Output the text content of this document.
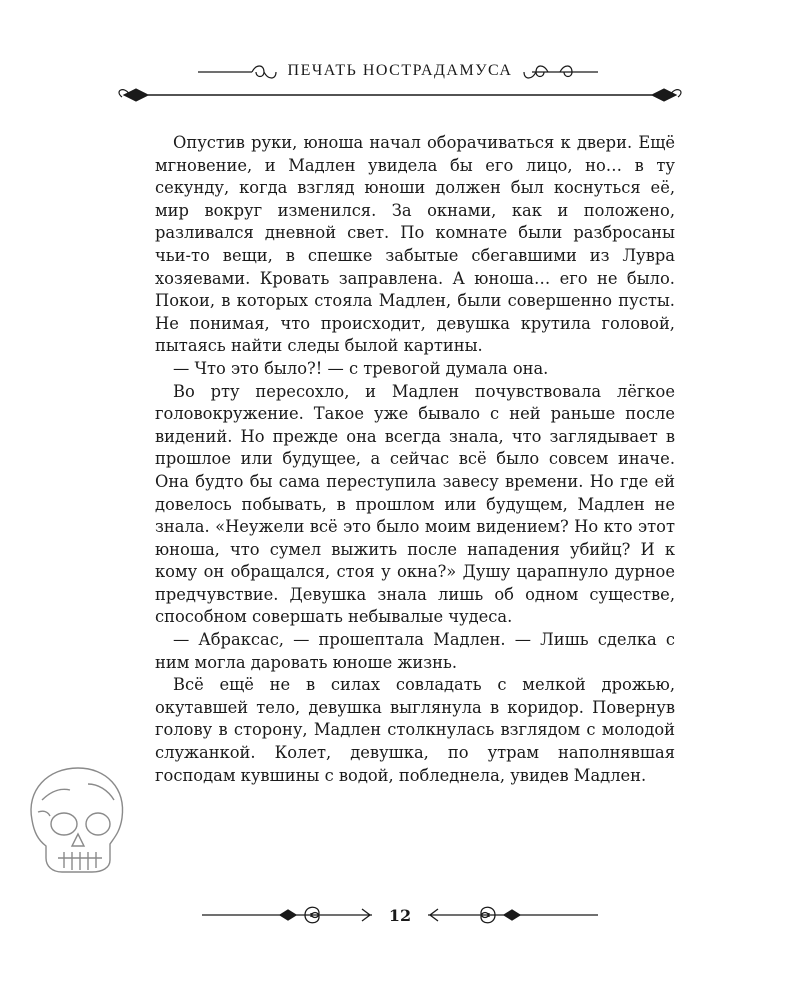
ПЕЧАТЬ НОСТРАДАМУСА

Опустив руки, юноша начал оборачиваться к двери. Ещё мгновение, и Мадлен увидела бы его лицо, но… в ту секунду, когда взгляд юноши должен был коснуться её, мир вокруг изменился. За окнами, как и положено, разливался дневной свет. По комнате были разбросаны чьи-то вещи, в спешке забытые сбегавшими из Лувра хозяевами. Кровать заправлена. А юноша… его не было. Покои, в которых стояла Мадлен, были совершенно пусты. Не понимая, что происходит, девушка крутила головой, пытаясь найти следы былой картины.

— Что это было?! — с тревогой думала она.

Во рту пересохло, и Мадлен почувствовала лёгкое головокружение. Такое уже бывало с ней раньше после видений. Но прежде она всегда знала, что заглядывает в прошлое или будущее, а сейчас всё было совсем иначе. Она будто бы сама переступила завесу времени. Но где ей довелось побывать, в прошлом или будущем, Мадлен не знала. «Неужели всё это было моим видением? Но кто этот юноша, что сумел выжить после нападения убийц? И к кому он обращался, стоя у окна?» Душу царапнуло дурное предчувствие. Девушка знала лишь об одном существе, способном совершать небывалые чудеса.

— Абраксас, — прошептала Мадлен. — Лишь сделка с ним могла даровать юноше жизнь.

Всё ещё не в силах совладать с мелкой дрожью, окутавшей тело, девушка выглянула в коридор. Повернув голову в сторону, Мадлен столкнулась взглядом с молодой служанкой. Колет, девушка, по утрам наполнявшая господам кувшины с водой, побледнела, увидев Мадлен.

12
